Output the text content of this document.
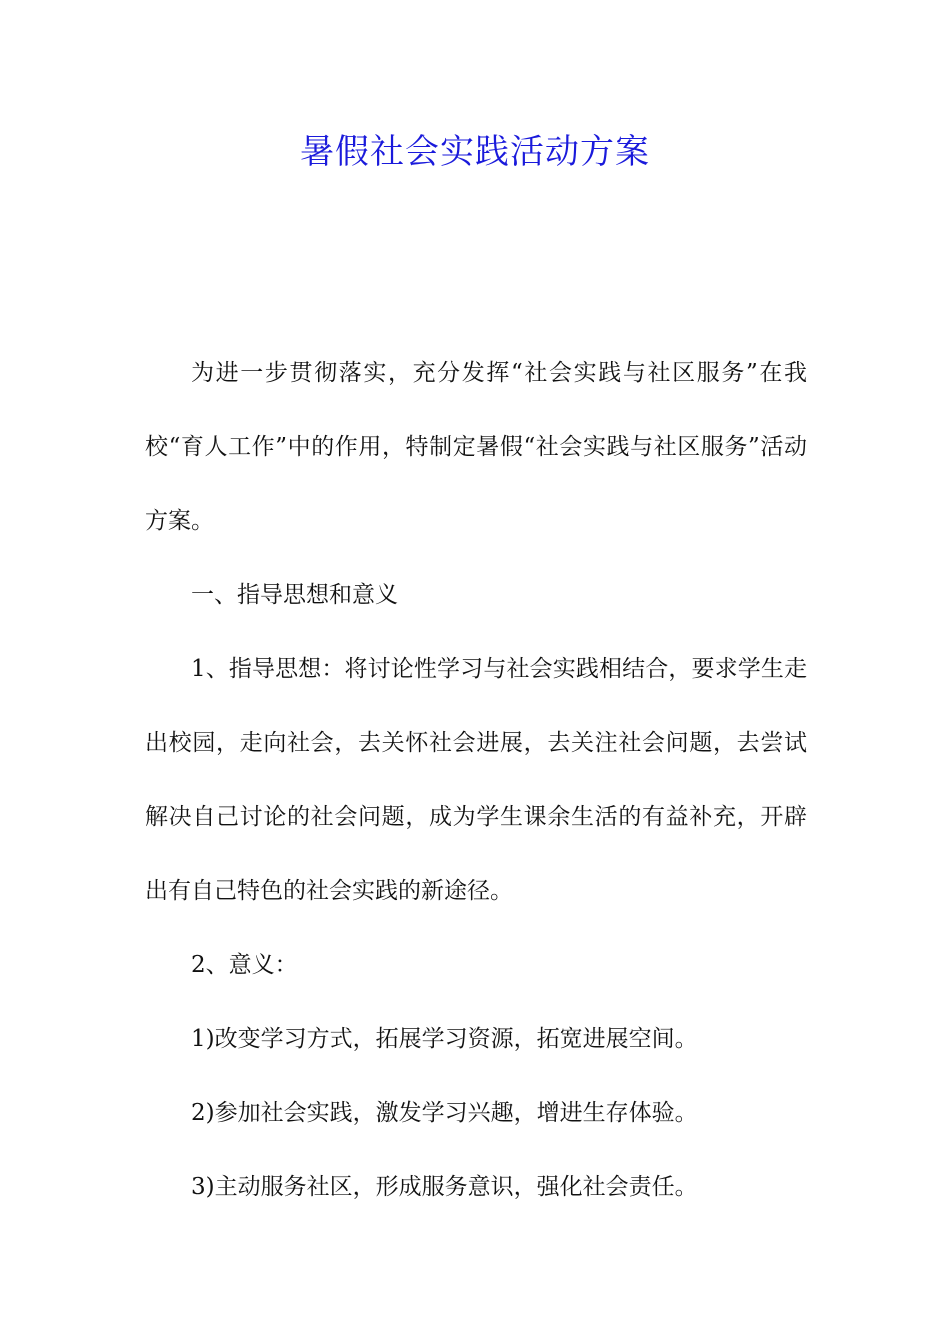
暑假社会实践活动方案

为进一步贯彻落实，充分发挥“社会实践与社区服务”在我校“育人工作”中的作用，特制定暑假“社会实践与社区服务”活动方案。

一、指导思想和意义

1、指导思想：将讨论性学习与社会实践相结合，要求学生走出校园，走向社会，去关怀社会进展，去关注社会问题，去尝试解决自己讨论的社会问题，成为学生课余生活的有益补充，开辟出有自己特色的社会实践的新途径。

2、意义：

1)改变学习方式，拓展学习资源，拓宽进展空间。

2)参加社会实践，激发学习兴趣，增进生存体验。

3)主动服务社区，形成服务意识，强化社会责任。
